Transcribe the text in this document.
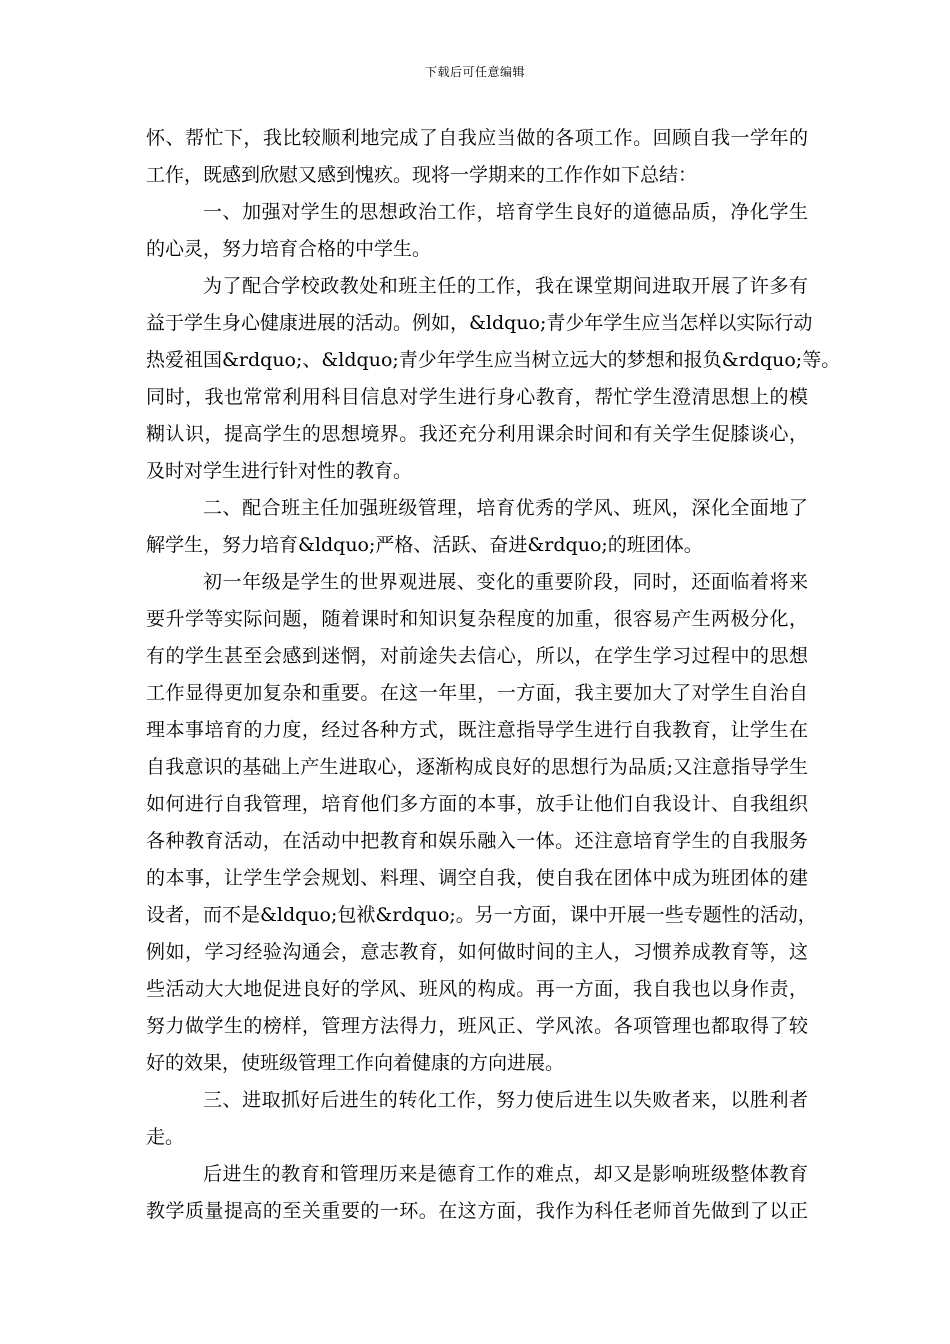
下载后可任意编辑
怀、帮忙下，我比较顺利地完成了自我应当做的各项工作。回顾自我一学年的
工作，既感到欣慰又感到愧疚。现将一学期来的工作作如下总结：
一、加强对学生的思想政治工作，培育学生良好的道德品质，净化学生
的心灵，努力培育合格的中学生。
为了配合学校政教处和班主任的工作，我在课堂期间进取开展了许多有
益于学生身心健康进展的活动。例如，&ldquo;青少年学生应当怎样以实际行动
热爱祖国&rdquo;、&ldquo;青少年学生应当树立远大的梦想和报负&rdquo;等。
同时，我也常常利用科目信息对学生进行身心教育，帮忙学生澄清思想上的模
糊认识，提高学生的思想境界。我还充分利用课余时间和有关学生促膝谈心，
及时对学生进行针对性的教育。
二、配合班主任加强班级管理，培育优秀的学风、班风，深化全面地了
解学生，努力培育&ldquo;严格、活跃、奋进&rdquo;的班团体。
初一年级是学生的世界观进展、变化的重要阶段，同时，还面临着将来
要升学等实际问题，随着课时和知识复杂程度的加重，很容易产生两极分化，
有的学生甚至会感到迷惘，对前途失去信心，所以，在学生学习过程中的思想
工作显得更加复杂和重要。在这一年里，一方面，我主要加大了对学生自治自
理本事培育的力度，经过各种方式，既注意指导学生进行自我教育，让学生在
自我意识的基础上产生进取心，逐渐构成良好的思想行为品质;又注意指导学生
如何进行自我管理，培育他们多方面的本事，放手让他们自我设计、自我组织
各种教育活动，在活动中把教育和娱乐融入一体。还注意培育学生的自我服务
的本事，让学生学会规划、料理、调空自我，使自我在团体中成为班团体的建
设者，而不是&ldquo;包袱&rdquo;。另一方面，课中开展一些专题性的活动，
例如，学习经验沟通会，意志教育，如何做时间的主人，习惯养成教育等，这
些活动大大地促进良好的学风、班风的构成。再一方面，我自我也以身作责，
努力做学生的榜样，管理方法得力，班风正、学风浓。各项管理也都取得了较
好的效果，使班级管理工作向着健康的方向进展。
三、进取抓好后进生的转化工作，努力使后进生以失败者来，以胜利者
走。
后进生的教育和管理历来是德育工作的难点，却又是影响班级整体教育
教学质量提高的至关重要的一环。在这方面，我作为科任老师首先做到了以正
